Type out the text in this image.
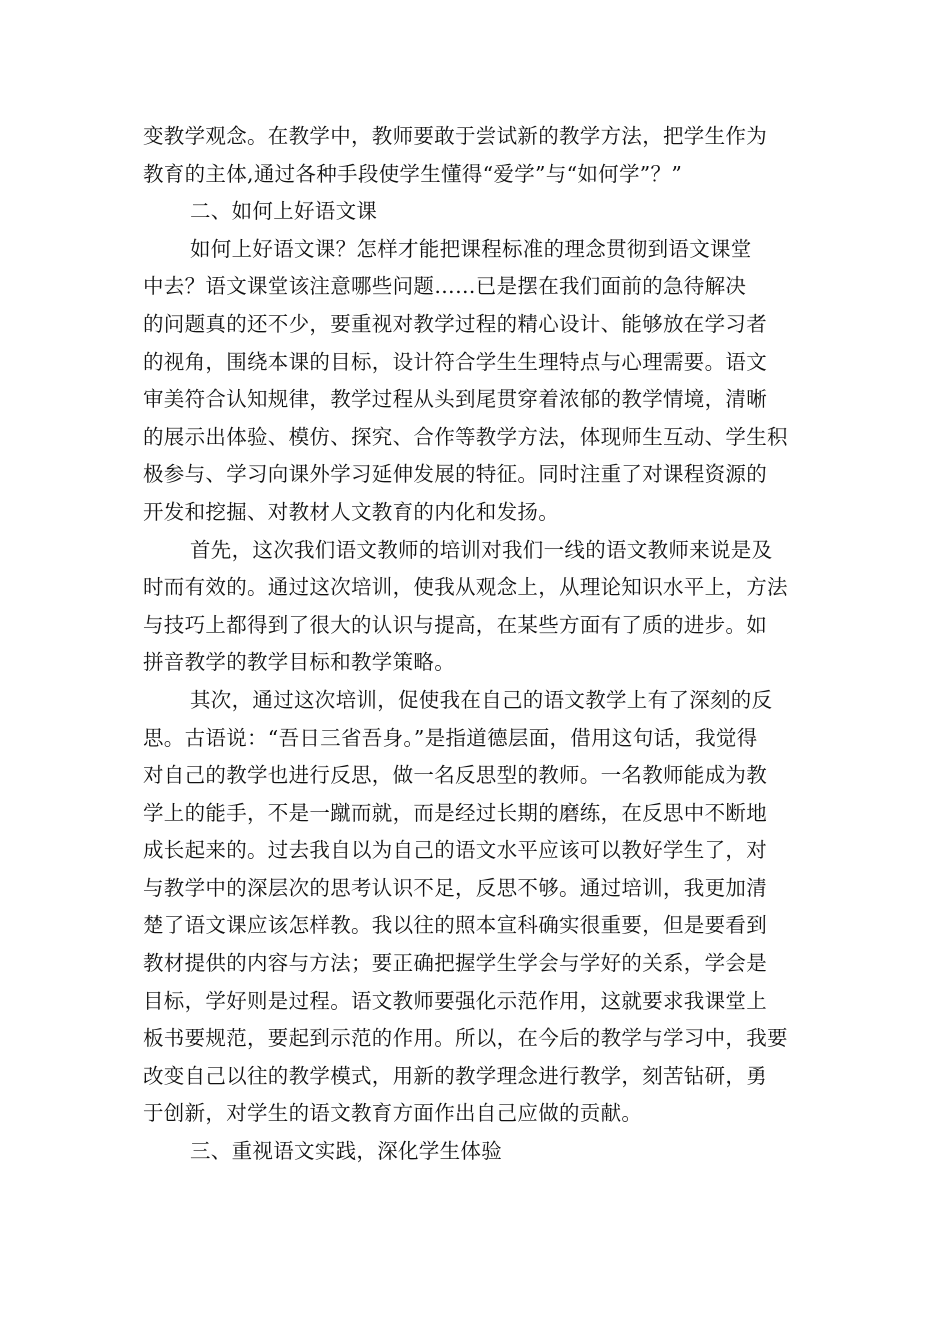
变教学观念。在教学中，教师要敢于尝试新的教学方法，把学生作为
教育的主体,通过各种手段使学生懂得“爱学”与“如何学”？”
二、如何上好语文课
如何上好语文课？怎样才能把课程标准的理念贯彻到语文课堂
中去？语文课堂该注意哪些问题……已是摆在我们面前的急待解决
的问题真的还不少，要重视对教学过程的精心设计、能够放在学习者
的视角，围绕本课的目标，设计符合学生生理特点与心理需要。语文
审美符合认知规律，教学过程从头到尾贯穿着浓郁的教学情境，清晰
的展示出体验、模仿、探究、合作等教学方法，体现师生互动、学生积
极参与、学习向课外学习延伸发展的特征。同时注重了对课程资源的
开发和挖掘、对教材人文教育的内化和发扬。
首先，这次我们语文教师的培训对我们一线的语文教师来说是及
时而有效的。通过这次培训，使我从观念上，从理论知识水平上，方法
与技巧上都得到了很大的认识与提高，在某些方面有了质的进步。如
拼音教学的教学目标和教学策略。
其次，通过这次培训，促使我在自己的语文教学上有了深刻的反
思。古语说：“吾日三省吾身。”是指道德层面，借用这句话，我觉得
对自己的教学也进行反思，做一名反思型的教师。一名教师能成为教
学上的能手，不是一蹴而就，而是经过长期的磨练，在反思中不断地
成长起来的。过去我自以为自己的语文水平应该可以教好学生了，对
与教学中的深层次的思考认识不足，反思不够。通过培训，我更加清
楚了语文课应该怎样教。我以往的照本宣科确实很重要，但是要看到
教材提供的内容与方法；要正确把握学生学会与学好的关系，学会是
目标，学好则是过程。语文教师要强化示范作用，这就要求我课堂上
板书要规范，要起到示范的作用。所以，在今后的教学与学习中，我要
改变自己以往的教学模式，用新的教学理念进行教学，刻苦钻研，勇
于创新，对学生的语文教育方面作出自己应做的贡献。
三、重视语文实践，深化学生体验
